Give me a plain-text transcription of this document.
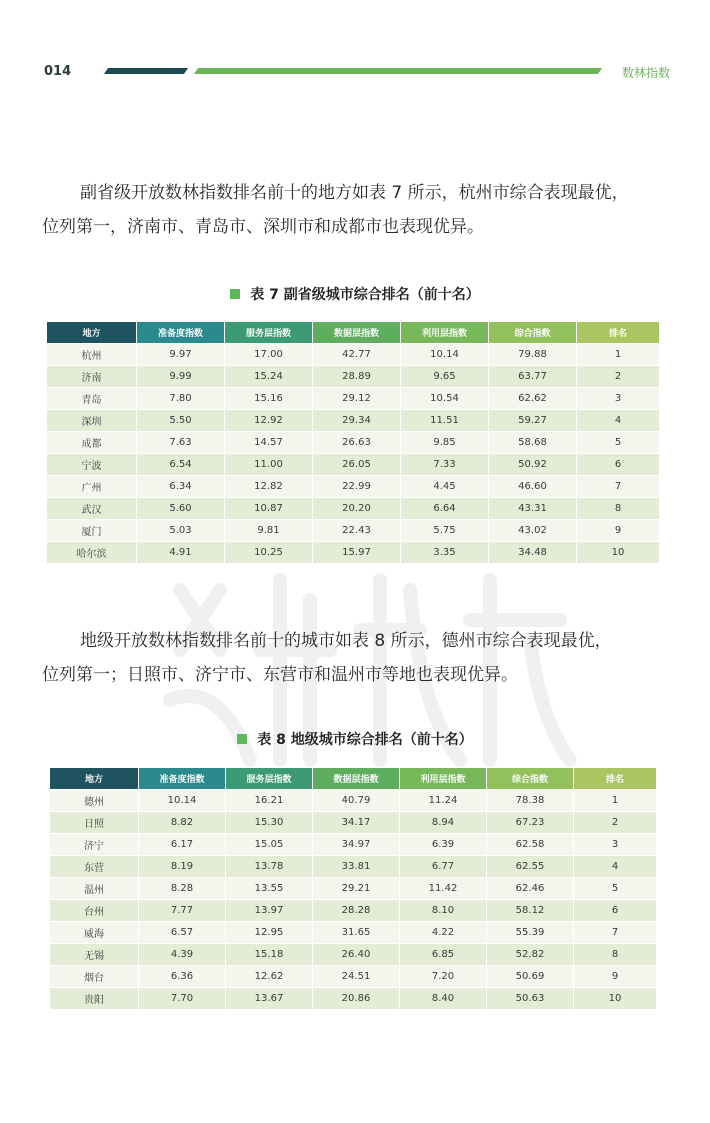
014	数林指数
副省级开放数林指数排名前十的地方如表 7 所示，杭州市综合表现最优，
位列第一，济南市、青岛市、深圳市和成都市也表现优异。
表 7 副省级城市综合排名（前十名）
地方	准备度指数	服务层指数	数据层指数	利用层指数	综合指数	排名
杭州	9.97	17.00	42.77	10.14	79.88	1
济南	9.99	15.24	28.89	9.65	63.77	2
青岛	7.80	15.16	29.12	10.54	62.62	3
深圳	5.50	12.92	29.34	11.51	59.27	4
成都	7.63	14.57	26.63	9.85	58.68	5
宁波	6.54	11.00	26.05	7.33	50.92	6
广州	6.34	12.82	22.99	4.45	46.60	7
武汉	5.60	10.87	20.20	6.64	43.31	8
厦门	5.03	9.81	22.43	5.75	43.02	9
哈尔滨	4.91	10.25	15.97	3.35	34.48	10
地级开放数林指数排名前十的城市如表 8 所示，德州市综合表现最优，
位列第一；日照市、济宁市、东营市和温州市等地也表现优异。
表 8 地级城市综合排名（前十名）
地方	准备度指数	服务层指数	数据层指数	利用层指数	综合指数	排名
德州	10.14	16.21	40.79	11.24	78.38	1
日照	8.82	15.30	34.17	8.94	67.23	2
济宁	6.17	15.05	34.97	6.39	62.58	3
东营	8.19	13.78	33.81	6.77	62.55	4
温州	8.28	13.55	29.21	11.42	62.46	5
台州	7.77	13.97	28.28	8.10	58.12	6
威海	6.57	12.95	31.65	4.22	55.39	7
无锡	4.39	15.18	26.40	6.85	52.82	8
烟台	6.36	12.62	24.51	7.20	50.69	9
贵阳	7.70	13.67	20.86	8.40	50.63	10
